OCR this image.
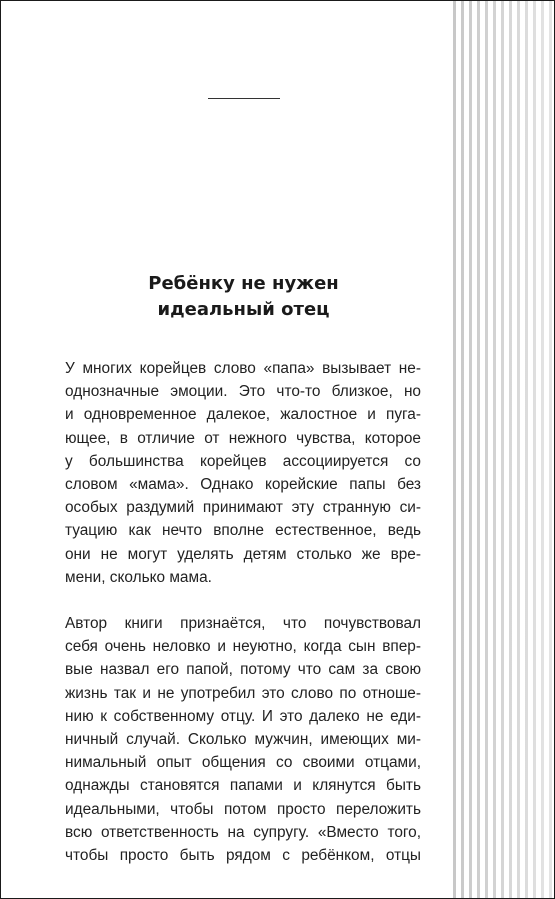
Ребёнку не нужен
идеальный отец

У многих корейцев слово «папа» вызывает не-
однозначные эмоции. Это что-то близкое, но
и одновременное далекое, жалостное и пуга-
ющее, в отличие от нежного чувства, которое
у большинства корейцев ассоциируется со
словом «мама». Однако корейские папы без
особых раздумий принимают эту странную си-
туацию как нечто вполне естественное, ведь
они не могут уделять детям столько же вре-
мени, сколько мама.

Автор книги признаётся, что почувствовал
себя очень неловко и неуютно, когда сын впер-
вые назвал его папой, потому что сам за свою
жизнь так и не употребил это слово по отноше-
нию к собственному отцу. И это далеко не еди-
ничный случай. Сколько мужчин, имеющих ми-
нимальный опыт общения со своими отцами,
однажды становятся папами и клянутся быть
идеальными, чтобы потом просто переложить
всю ответственность на супругу. «Вместо того,
чтобы просто быть рядом с ребёнком, отцы
